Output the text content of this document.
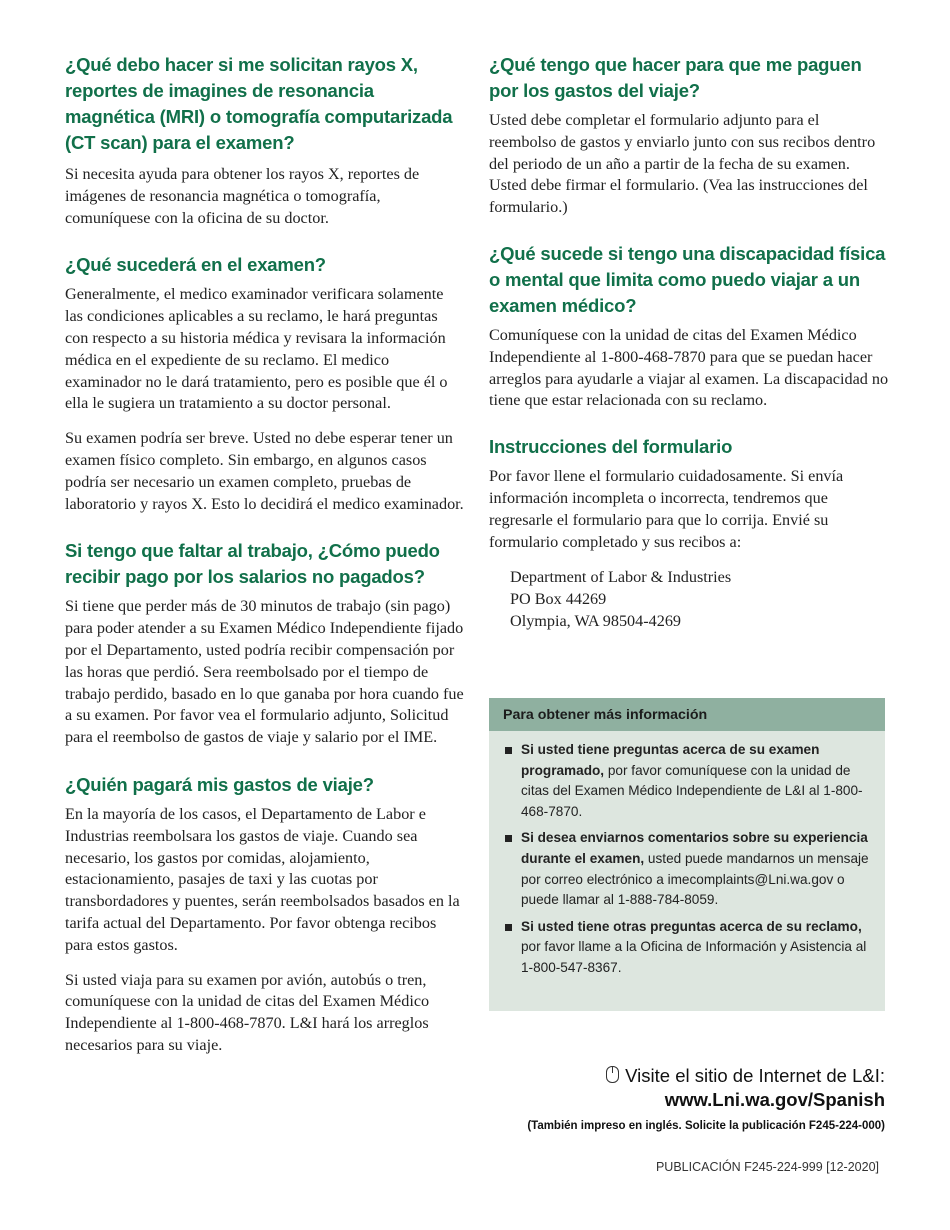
¿Qué debo hacer si me solicitan rayos X, reportes de imagines de resonancia magnética (MRI) o tomografía computarizada (CT scan) para el examen?

Si necesita ayuda para obtener los rayos X, reportes de imágenes de resonancia magnética o tomografía, comuníquese con la oficina de su doctor.

¿Qué sucederá en el examen?

Generalmente, el medico examinador verificara solamente las condiciones aplicables a su reclamo, le hará preguntas con respecto a su historia médica y revisara la información médica en el expediente de su reclamo. El medico examinador no le dará tratamiento, pero es posible que él o ella le sugiera un tratamiento a su doctor personal.

Su examen podría ser breve. Usted no debe esperar tener un examen físico completo. Sin embargo, en algunos casos podría ser necesario un examen completo, pruebas de laboratorio y rayos X. Esto lo decidirá el medico examinador.

Si tengo que faltar al trabajo, ¿Cómo puedo recibir pago por los salarios no pagados?

Si tiene que perder más de 30 minutos de trabajo (sin pago) para poder atender a su Examen Médico Independiente fijado por el Departamento, usted podría recibir compensación por las horas que perdió. Sera reembolsado por el tiempo de trabajo perdido, basado en lo que ganaba por hora cuando fue a su examen. Por favor vea el formulario adjunto, Solicitud para el reembolso de gastos de viaje y salario por el IME.

¿Quién pagará mis gastos de viaje?

En la mayoría de los casos, el Departamento de Labor e Industrias reembolsara los gastos de viaje. Cuando sea necesario, los gastos por comidas, alojamiento, estacionamiento, pasajes de taxi y las cuotas por transbordadores y puentes, serán reembolsados basados en la tarifa actual del Departamento. Por favor obtenga recibos para estos gastos.

Si usted viaja para su examen por avión, autobús o tren, comuníquese con la unidad de citas del Examen Médico Independiente al 1-800-468-7870. L&I hará los arreglos necesarios para su viaje.

¿Qué tengo que hacer para que me paguen por los gastos del viaje?

Usted debe completar el formulario adjunto para el reembolso de gastos y enviarlo junto con sus recibos dentro del periodo de un año a partir de la fecha de su examen. Usted debe firmar el formulario. (Vea las instrucciones del formulario.)

¿Qué sucede si tengo una discapacidad física o mental que limita como puedo viajar a un examen médico?

Comuníquese con la unidad de citas del Examen Médico Independiente al 1-800-468-7870 para que se puedan hacer arreglos para ayudarle a viajar al examen. La discapacidad no tiene que estar relacionada con su reclamo.

Instrucciones del formulario

Por favor llene el formulario cuidadosamente. Si envía información incompleta o incorrecta, tendremos que regresarle el formulario para que lo corrija. Envié su formulario completado y sus recibos a:

Department of Labor & Industries

PO Box 44269

Olympia, WA 98504-4269

Para obtener más información
Si usted tiene preguntas acerca de su examen programado, por favor comuníquese con la unidad de citas del Examen Médico Independiente de L&I al 1-800-468-7870.
Si desea enviarnos comentarios sobre su experiencia durante el examen, usted puede mandarnos un mensaje por correo electrónico a imecomplaints@Lni.wa.gov o puede llamar al 1-888-784-8059.
Si usted tiene otras preguntas acerca de su reclamo, por favor llame a la Oficina de Información y Asistencia al 1-800-547-8367.
Visite el sitio de Internet de L&I:
www.Lni.wa.gov/Spanish
(También impreso en inglés. Solicite la publicación F245-224-000)
PUBLICACIÓN F245-224-999 [12-2020]
